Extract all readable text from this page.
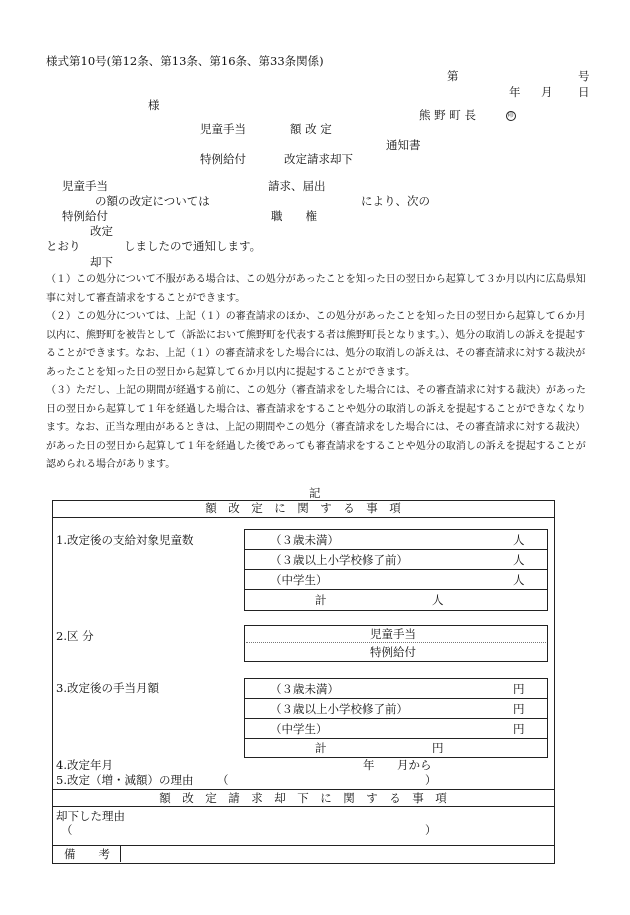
様式第10号(第12条、第13条、第16条、第33条関係)
第	号
年 月 日
様
熊 野 町 長	印
児童手当	額 改 定
通知書
特例給付	改定請求却下
児童手当
の額の改定については
請求、届出
により、次の
特例給付	職　　権
改定
とおり	しましたので通知します。
却下
（１）この処分について不服がある場合は、この処分があったことを知った日の翌日から起算して３か月以内に広島県知事に対して審査請求をすることができます。
（２）この処分については、上記（１）の審査請求のほか、この処分があったことを知った日の翌日から起算して６か月以内に、熊野町を被告として（訴訟において熊野町を代表する者は熊野町長となります。）、処分の取消しの訴えを提起することができます。なお、上記（１）の審査請求をした場合には、処分の取消しの訴えは、その審査請求に対する裁決があったことを知った日の翌日から起算して６か月以内に提起することができます。
（３）ただし、上記の期間が経過する前に、この処分（審査請求をした場合には、その審査請求に対する裁決）があった日の翌日から起算して１年を経過した場合は、審査請求をすることや処分の取消しの訴えを提起することができなくなります。なお、正当な理由があるときは、上記の期間やこの処分（審査請求をした場合には、その審査請求に対する裁決）があった日の翌日から起算して１年を経過した後であっても審査請求をすることや処分の取消しの訴えを提起することが認められる場合があります。
記
額　改　定　に　関　す　る　事　項
1.改定後の支給対象児童数	（３歳未満）	人
（３歳以上小学校修了前）	人
（中学生）	人
計	人
2.区 分	児童手当
特例給付
3.改定後の手当月額	（３歳未満）	円
（３歳以上小学校修了前）	円
（中学生）	円
計	円
4.改定年月	年 月から
5.改定（増・減額）の理由 （	）
額　改　定　請　求　却　下　に　関　す　る　事　項
却下した理由
（	）
備　　考
